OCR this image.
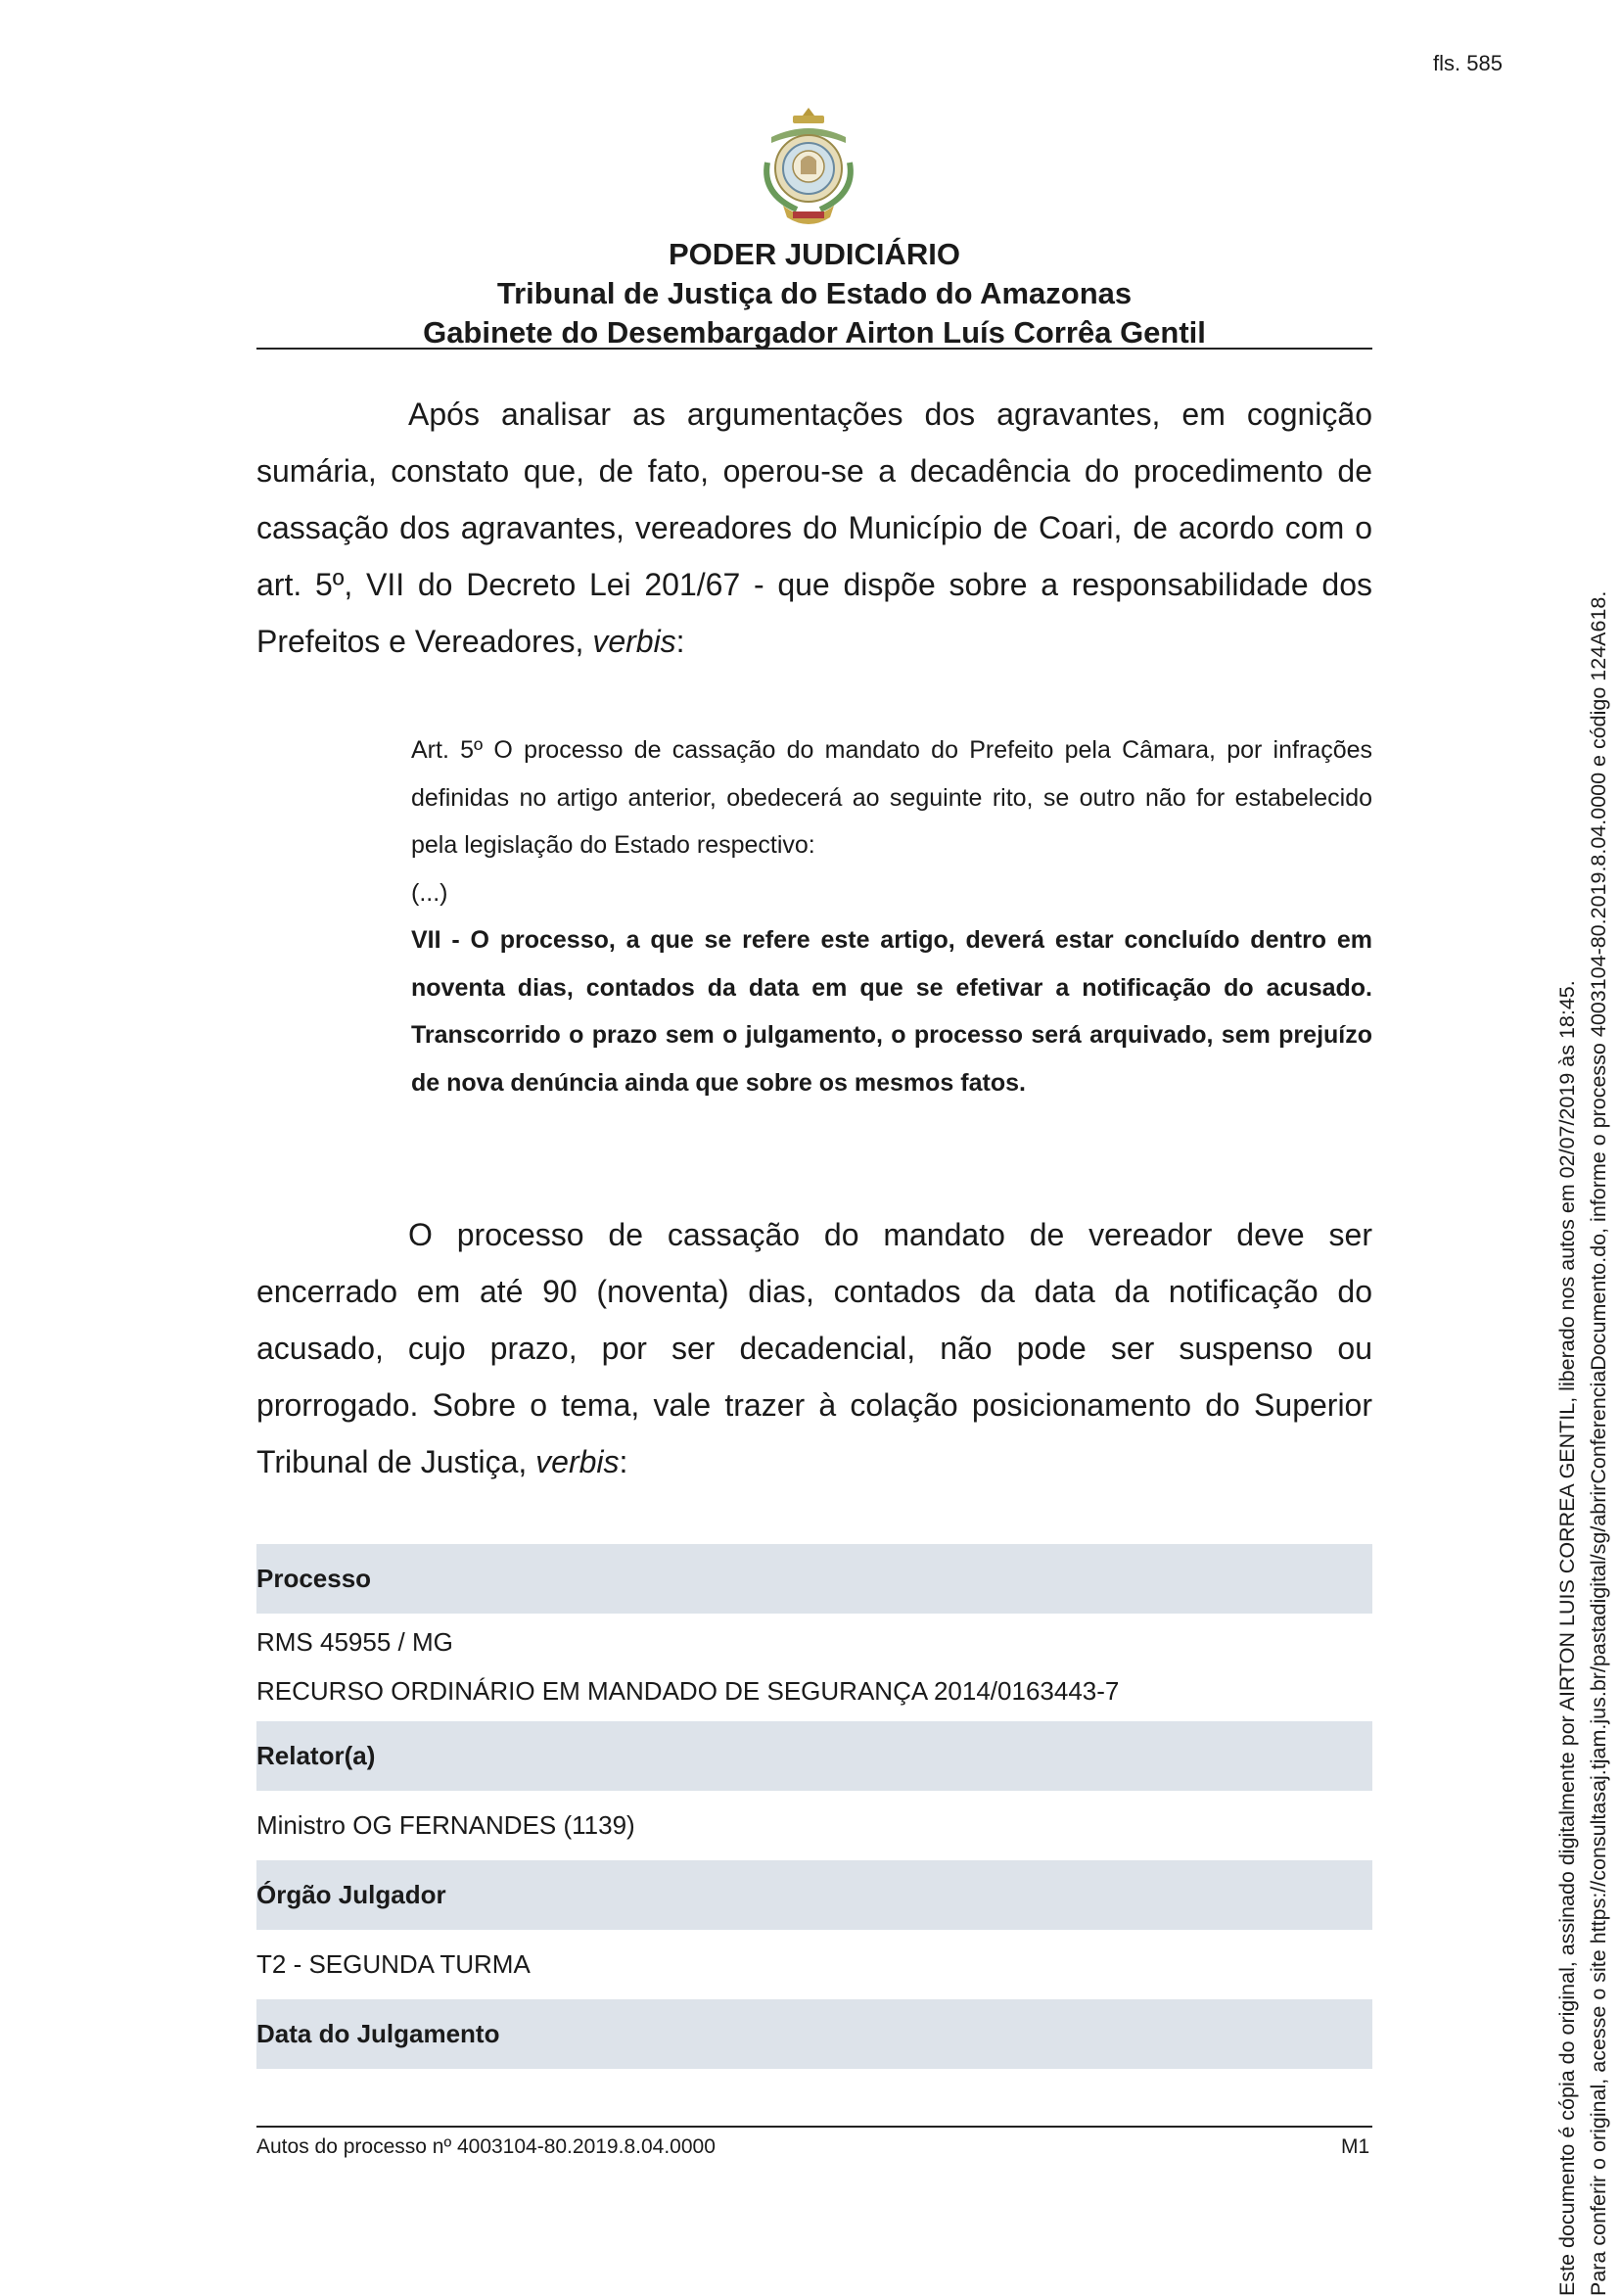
fls. 585
PODER JUDICIÁRIO
Tribunal de Justiça do Estado do Amazonas
Gabinete do Desembargador Airton Luís Corrêa Gentil

Após analisar as argumentações dos agravantes, em cognição sumária, constato que, de fato, operou-se a decadência do procedimento de cassação dos agravantes, vereadores do Município de Coari, de acordo com o art. 5º, VII do Decreto Lei 201/67 - que dispõe sobre a responsabilidade dos Prefeitos e Vereadores, verbis:

Art. 5º O processo de cassação do mandato do Prefeito pela Câmara, por infrações definidas no artigo anterior, obedecerá ao seguinte rito, se outro não for estabelecido pela legislação do Estado respectivo:

(...)

VII - O processo, a que se refere este artigo, deverá estar concluído dentro em noventa dias, contados da data em que se efetivar a notificação do acusado. Transcorrido o prazo sem o julgamento, o processo será arquivado, sem prejuízo de nova denúncia ainda que sobre os mesmos fatos.

O processo de cassação do mandato de vereador deve ser encerrado em até 90 (noventa) dias, contados da data da notificação do acusado, cujo prazo, por ser decadencial, não pode ser suspenso ou prorrogado. Sobre o tema, vale trazer à colação posicionamento do Superior Tribunal de Justiça, verbis:

Processo
RMS 45955 / MG
RECURSO ORDINÁRIO EM MANDADO DE SEGURANÇA 2014/0163443-7
Relator(a)
Ministro OG FERNANDES (1139)
Órgão Julgador
T2 - SEGUNDA TURMA
Data do Julgamento
Autos do processo nº 4003104-80.2019.8.04.0000	M1	Este documento é cópia do original, assinado digitalmente por AIRTON LUIS CORREA GENTIL, liberado nos autos em 02/07/2019 às 18:45. Para conferir o original, acesse o site https://consultasaj.tjam.jus.br/pastadigital/sg/abrirConferenciaDocumento.do, informe o processo 4003104-80.2019.8.04.0000 e código 124A618.
